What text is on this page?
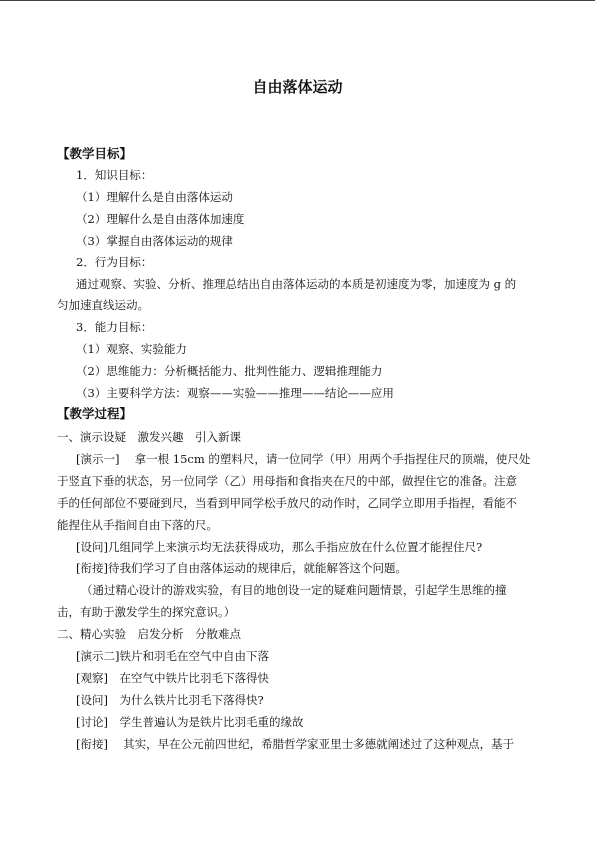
自由落体运动
【教学目标】
1．知识目标：
（1）理解什么是自由落体运动
（2）理解什么是自由落体加速度
（3）掌握自由落体运动的规律
2．行为目标：
通过观察、实验、分析、推理总结出自由落体运动的本质是初速度为零，加速度为 g 的
匀加速直线运动。
3．能力目标：
（1）观察、实验能力
（2）思维能力：分析概括能力、批判性能力、逻辑推理能力
（3）主要科学方法：观察——实验——推理——结论——应用
【教学过程】
一、演示设疑　激发兴趣　引入新课
[演示一]　 拿一根 15cm 的塑料尺，请一位同学（甲）用两个手指捏住尺的顶端，使尺处
于竖直下垂的状态，另一位同学（乙）用母指和食指夹在尺的中部，做捏住它的准备。注意
手的任何部位不要碰到尺，当看到甲同学松手放尺的动作时，乙同学立即用手指捏，看能不
能捏住从手指间自由下落的尺。
[设问]几组同学上来演示均无法获得成功，那么手指应放在什么位置才能捏住尺?
[衔接]待我们学习了自由落体运动的规律后，就能解答这个问题。
（通过精心设计的游戏实验，有目的地创设一定的疑难问题情景，引起学生思维的撞
击，有助于激发学生的探究意识。）
二、精心实验　启发分析　分散难点
[演示二]铁片和羽毛在空气中自由下落
[观察]　在空气中铁片比羽毛下落得快
[设问]　为什么铁片比羽毛下落得快?
[讨论]　学生普遍认为是铁片比羽毛重的缘故
[衔接]　 其实，早在公元前四世纪，希腊哲学家亚里士多德就阐述过了这种观点，基于
